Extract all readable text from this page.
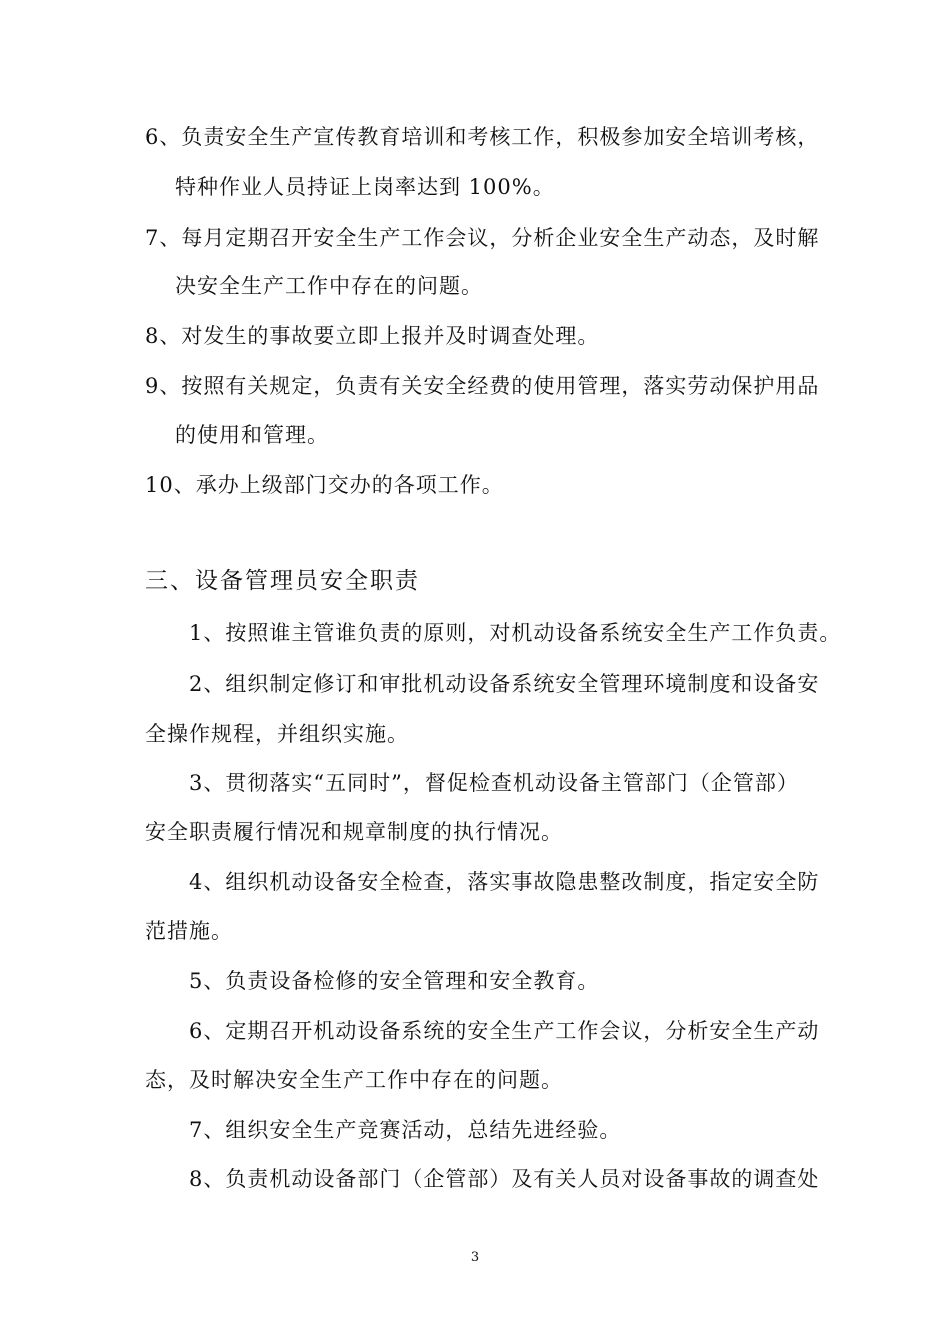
6、负责安全生产宣传教育培训和考核工作，积极参加安全培训考核，
特种作业人员持证上岗率达到 100%。
7、每月定期召开安全生产工作会议，分析企业安全生产动态，及时解
决安全生产工作中存在的问题。
8、对发生的事故要立即上报并及时调查处理。
9、按照有关规定，负责有关安全经费的使用管理，落实劳动保护用品
的使用和管理。
10、承办上级部门交办的各项工作。
三、设备管理员安全职责
1、按照谁主管谁负责的原则，对机动设备系统安全生产工作负责。
2、组织制定修订和审批机动设备系统安全管理环境制度和设备安
全操作规程，并组织实施。
3、贯彻落实“五同时”，督促检查机动设备主管部门（企管部）
安全职责履行情况和规章制度的执行情况。
4、组织机动设备安全检查，落实事故隐患整改制度，指定安全防
范措施。
5、负责设备检修的安全管理和安全教育。
6、定期召开机动设备系统的安全生产工作会议，分析安全生产动
态，及时解决安全生产工作中存在的问题。
7、组织安全生产竞赛活动，总结先进经验。
8、负责机动设备部门（企管部）及有关人员对设备事故的调查处
3
